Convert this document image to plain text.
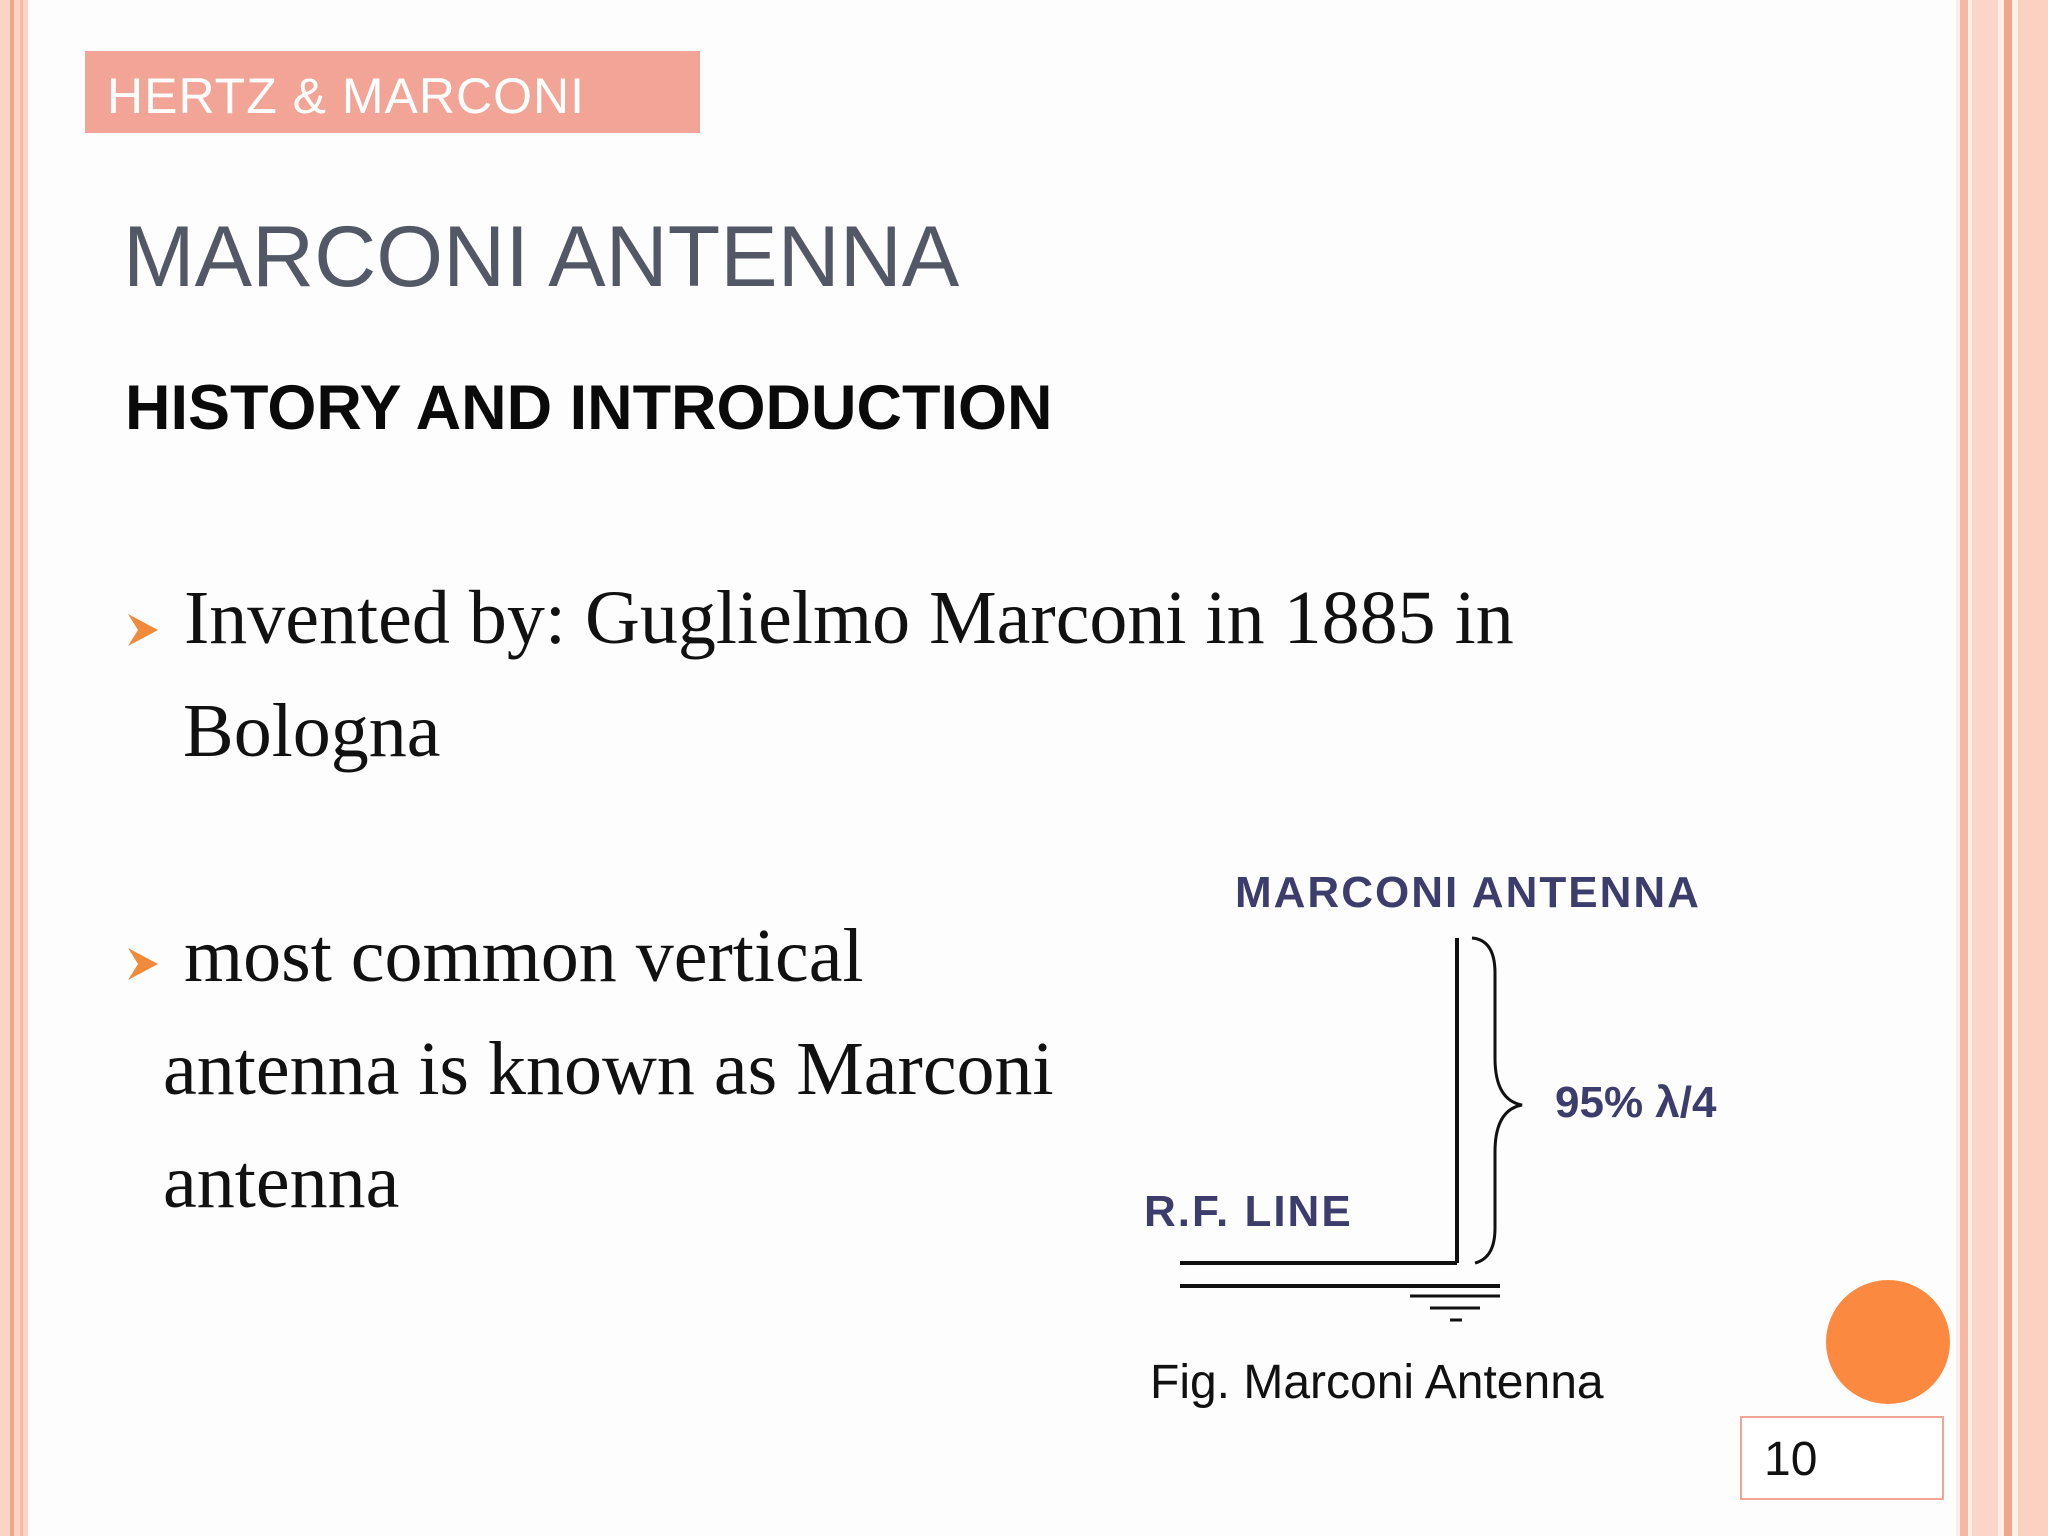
HERTZ & MARCONI
MARCONI ANTENNA
HISTORY AND INTRODUCTION
Invented by: Guglielmo Marconi in 1885 in
Bologna
most common vertical
antenna is known as Marconi
antenna
MARCONI ANTENNA
95% λ/4
R.F. LINE
Fig. Marconi Antenna
10
